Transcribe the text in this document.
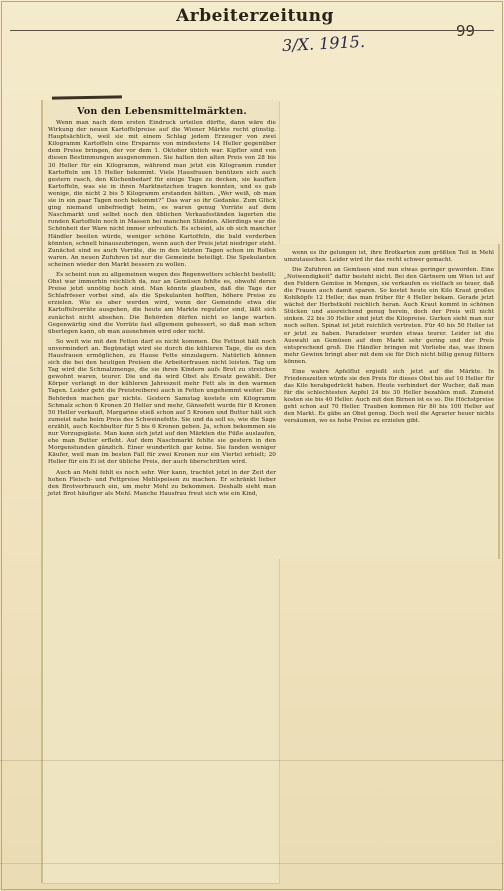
Arbeiterzeitung
99
3/X. 1915.
Von den Lebensmittelmärkten.

Wenn man nach dem ersten Eindruck urteilen dürfte, dann wäre die Wirkung der neuen Kartoffelpreise auf die Wiener Märkte recht günstig. Hauptsächlich, weil sie mit einem Schlag jedem Erzeuger von zwei Kilogramm Kartoffeln eine Ersparnis von mindestens 14 Heller gegenüber dem Preise bringen, der vor dem 1. Oktober üblich war. Kipfler sind von diesen Bestimmungen ausgenommen. Sie halten den alten Preis von 28 bis 30 Heller für ein Kilogramm, während man jetzt ein Kilogramm runder Kartoffeln um 15 Heller bekommt. Viele Hausfrauen benützen sich auch gestern rasch, den Küchenbedarf für einige Tage zu decken, sie kauften Kartoffeln, was sie in ihren Marktnetzchen tragen konnten, und es gab wenige, die nicht 2 bis 5 Kilogramm erstanden hätten. „Wer weiß, ob man sie in ein paar Tagen noch bekommt?“ Das war so ihr Gedanke. Zum Glück ging niemand unbefriedigt heim, es waren genug Vorräte auf dem Naschmarkt und selbst noch den üblichen Verkaufsständen lagerten die runden Kartoffeln noch in Massen bei manchen Ständen. Allerdings war die Schönheit der Ware nicht immer erfreulich. Es scheint, als ob sich mancher Händler beeilen würde, weniger schöne Kartoffeln, die bald verderben könnten, schnell hinauszubringen, wenn auch der Preis jetzt niedriger steht. Zunächst sind es auch Vorräte, die in den letzten Tagen schon im Rollen waren. An neuen Zufuhren ist nur die Gemeinde beteiligt. Die Spekulanten scheinen wieder den Markt bessern zu wollen.

Es scheint nun zu allgemeinen wegen des Regenwetters schlecht bestellt; Obst war immerhin reichlich da, nur an Gemüsen fehlte es, obwohl deren Preise jetzt unnötig hoch sind. Man könnte glauben, daß die Tage der Schlafrösser vorbei sind, als die Spekulanten hofften, höhere Preise zu erzielen. Wie es aber werden wird, wenn der Gemeinde etwa die Kartoffelvorräte ausgehen, die heute am Markte regulator sind, läßt sich zunächst nicht absehen. Die Behörden dürfen nicht so lange warten. Gegenwärtig sind die Vorräte fast allgemein gebessert, so daß man schon überlegen kann, ob man ausnehmen wird oder nicht.

So weit wie mit den Fetten darf es nicht kommen. Die Fettnot hält noch unvermindert an. Begünstigt wird sie durch die kühleren Tage, die es den Hausfrauen ermöglichen, zu Hause Fette einzulagern. Natürlich können sich die bei den heutigen Preisen die Arbeiterfrauen nicht leisten. Tag um Tag wird die Schmalzmenge, die sie ihren Kindern aufs Brot zu streichen gewohnt waren, teurer. Die und da wird Obst als Ersatz gewählt. Der Körper verlangt in der kühleren Jahreszeit mehr Fett als in den warmen Tagen. Leider geht die Preistreiberei auch in Fetten ungehemmt weiter. Die Behörden machen gar nichts. Gestern Samstag kostete ein Kilogramm Schmalz schon 6 Kronen 20 Heller und mehr, Gänsefett wurde für 8 Kronen 50 Heller verkauft, Margarine stieß schon auf 5 Kronen und Butter hält sich zumeist nahe beim Preis des Schweinefetts. Sie und da soll es, wie die Sage erzählt, auch Kochbutter für 5 bis 6 Kronen geben. Ja, schon bekommen sie nur Vorzugsgäste. Man kann sich jetzt auf den Märkten die Füße auslaufen, ehe man Butter erfleht. Auf dem Naschmarkt fehlte sie gestern in den Morgenstunden gänzlich. Einer wunderlich gar keine. Sie fanden weniger Käufer, weil man im besten Fall für zwei Kronen nur ein Viertel erhielt; 20 Heller für ein Ei ist der übliche Preis, der auch überschritten wird.

Auch an Mehl fehlt es noch sehr. Wer kann, trachtet jetzt in der Zeit der hohen Fleisch- und Fettpreise Mehlspeisen zu machen. Er schränkt lieber den Brotverbrauch ein, um mehr Mehl zu bekommen. Deshalb sieht man jetzt Brot häufiger als Mehl. Manche Hausfrau freut sich wie ein Kind,

wenn es ihr gelungen ist, ihre Brotkarten zum größten Teil in Mehl umzutauschen. Leider wird ihr das recht schwer gemacht.

Die Zufuhren an Gemüsen sind nun etwas geringer geworden. Eine „Notwendigkeit“ dafür besteht nicht. Bei den Gärtnern um Wien ist auf den Feldern Gemüse in Mengen, sie verkaufen es vielfach so teuer, daß die Frauen auch damit sparen. So kostet heute ein Kilo Kraut großes Kohlköpfe 12 Heller, das man früher für 4 Heller bekam. Gerade jetzt wächst der Herbstkohl reichlich heran. Auch Kraut kommt in schönen Stücken und ausreichend genug herein, doch der Preis will nicht sinken. 22 bis 30 Heller sind jetzt die Kilopreise. Gurken sieht man nur noch selten. Spinat ist jetzt reichlich vertreten. Für 40 bis 50 Heller ist er jetzt zu haben. Paradeiser wurden etwas teurer. Leider ist die Auswahl an Gemüsen auf dem Markt sehr gering und der Preis entsprechend groß. Die Händler bringen mit Vorliebe das, was ihnen mehr Gewinn bringt aber mit dem sie für Dich nicht billig genug füttern können.

Eine wahre Apfelflut ergießt sich jetzt auf die Märkte. In Friedenszeiten würde sie den Preis für dieses Obst bis auf 10 Heller für das Kilo herabgedrückt haben. Heute verhindert der Wucher, daß man für die schlechtesten Aepfel 24 bis 30 Heller bezahlen muß. Zumeist kosten sie bis 40 Heller. Auch mit den Birnen ist es so. Die Höchstpreise geht schon auf 70 Heller. Trauben kommen für 80 bis 100 Heller auf den Markt. Es gäbe an Obst genug. Doch weil die Agrarier heuer nichts versäumen, wo es hohe Preise zu erzielen gibt.
